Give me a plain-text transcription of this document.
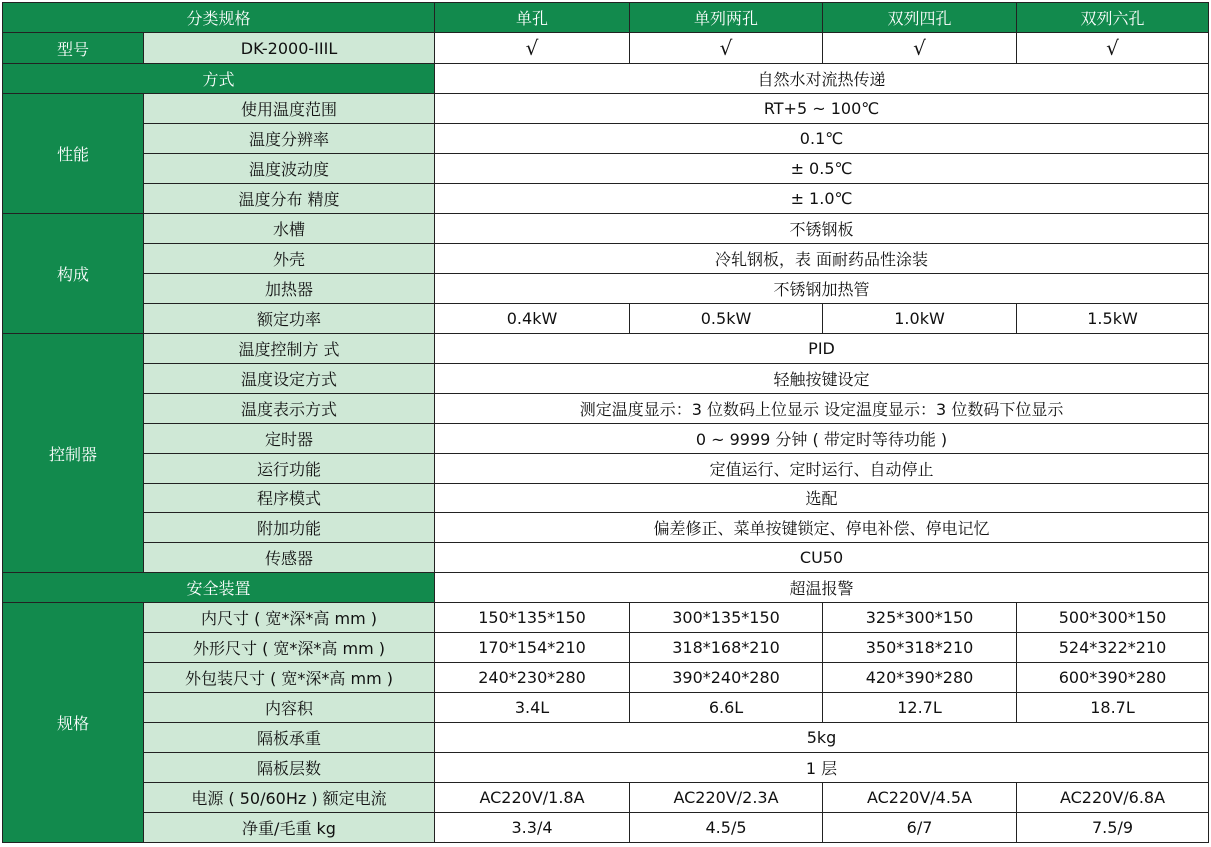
分类规格		单孔	单列两孔	双列四孔	双列六孔
型号	DK-2000-IIIL	√	√	√	√
方式		自然水对流热传递			
性能	使用温度范围	RT+5 ~ 100℃			
	温度分辨率	0.1℃			
	温度波动度	± 0.5℃			
	温度分布 精度	± 1.0℃			
构成	水槽	不锈钢板			
	外壳	冷轧钢板，表 面耐药品性涂装			
	加热器	不锈钢加热管			
	额定功率	0.4kW	0.5kW	1.0kW	1.5kW
控制器	温度控制方 式	PID			
	温度设定方式	轻触按键设定			
	温度表示方式	测定温度显示：3 位数码上位显示 设定温度显示：3 位数码下位显示			
	定时器	0 ~ 9999 分钟 ( 带定时等待功能 )			
	运行功能	定值运行、定时运行、自动停止			
	程序模式	选配			
	附加功能	偏差修正、菜单按键锁定、停电补偿、停电记忆			
	传感器	CU50			
安全装置		超温报警			
规格	内尺寸 ( 宽*深*高 mm )	150*135*150	300*135*150	325*300*150	500*300*150
	外形尺寸 ( 宽*深*高 mm )	170*154*210	318*168*210	350*318*210	524*322*210
	外包装尺寸 ( 宽*深*高 mm )	240*230*280	390*240*280	420*390*280	600*390*280
	内容积	3.4L	6.6L	12.7L	18.7L
	隔板承重	5kg			
	隔板层数	1 层			
	电源 ( 50/60Hz ) 额定电流	AC220V/1.8A	AC220V/2.3A	AC220V/4.5A	AC220V/6.8A
	净重/毛重 kg	3.3/4	4.5/5	6/7	7.5/9
